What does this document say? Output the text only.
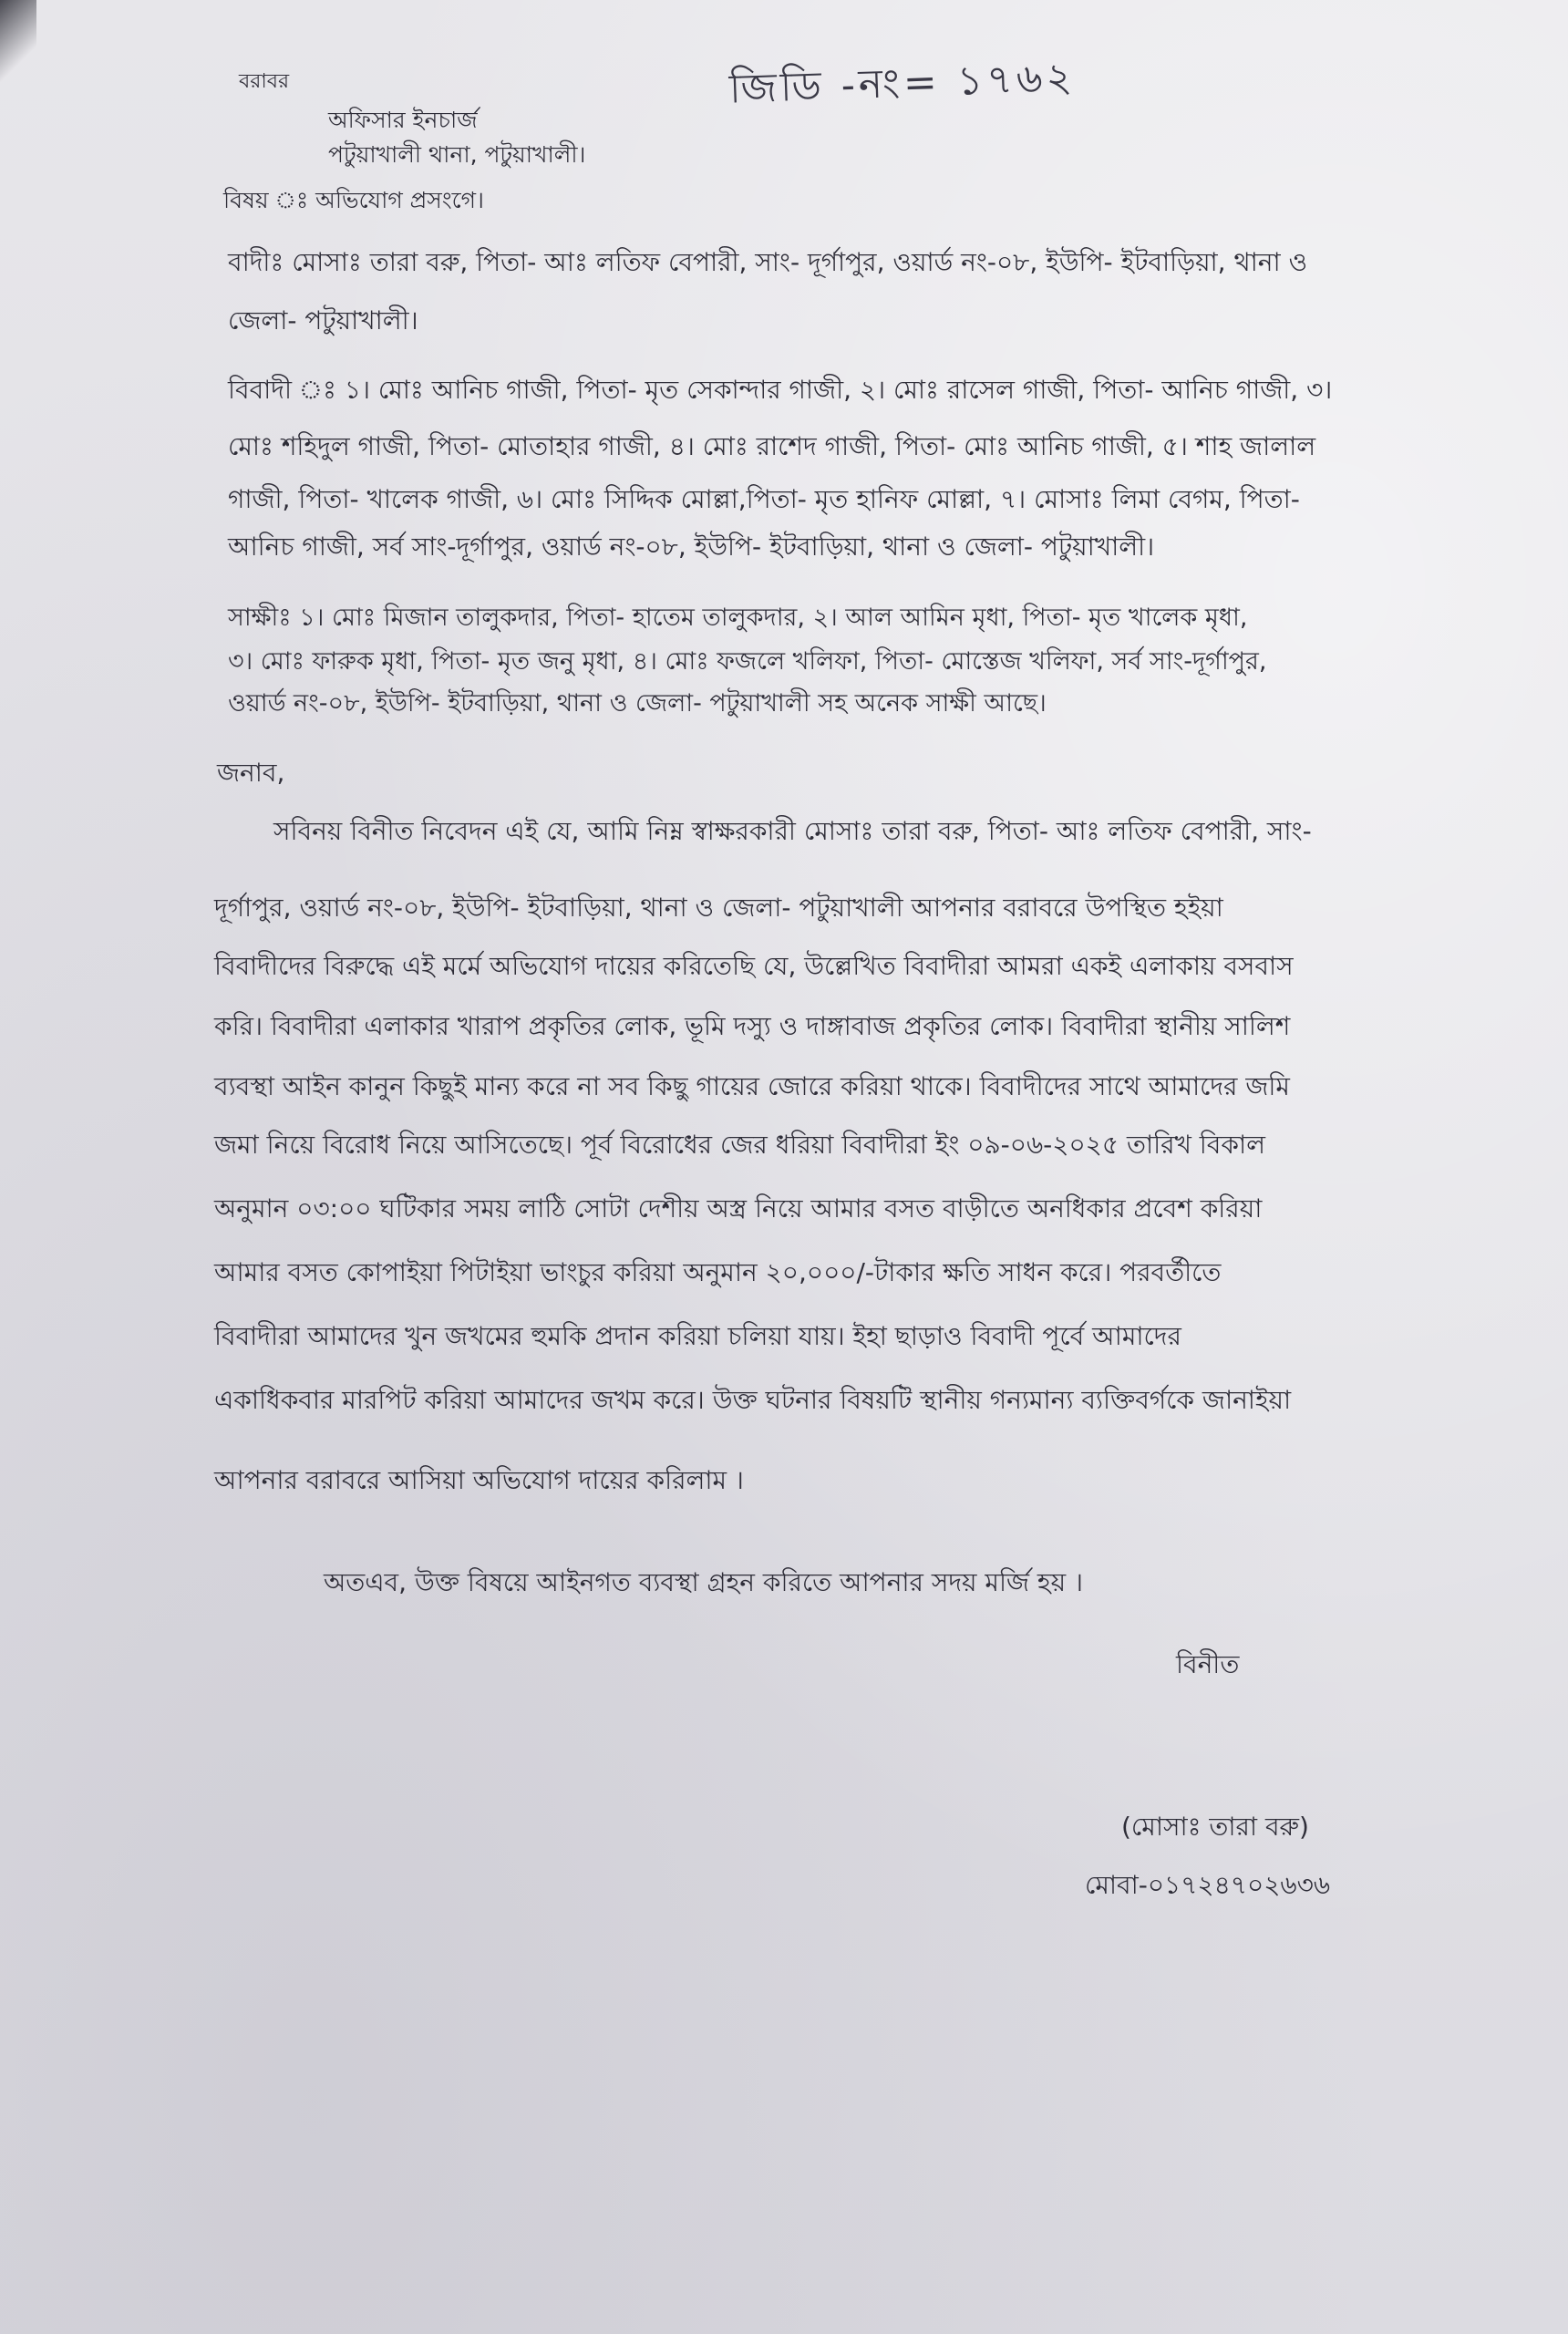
জিডি -নং= ১৭৬২
বরাবর
অফিসার ইনচার্জ
পটুয়াখালী থানা, পটুয়াখালী।
বিষয় ঃ অভিযোগ প্রসংগে।
বাদীঃ মোসাঃ তারা বরু, পিতা- আঃ লতিফ বেপারী, সাং- দূর্গাপুর, ওয়ার্ড নং-০৮, ইউপি- ইটবাড়িয়া, থানা ও
জেলা- পটুয়াখালী।
বিবাদী ঃ ১। মোঃ আনিচ গাজী, পিতা- মৃত সেকান্দার গাজী, ২। মোঃ রাসেল গাজী, পিতা- আনিচ গাজী, ৩।
মোঃ শহিদুল গাজী, পিতা- মোতাহার গাজী, ৪। মোঃ রাশেদ গাজী, পিতা- মোঃ আনিচ গাজী, ৫। শাহ জালাল
গাজী, পিতা- খালেক গাজী, ৬। মোঃ সিদ্দিক মোল্লা,পিতা- মৃত হানিফ মোল্লা, ৭। মোসাঃ লিমা বেগম, পিতা-
আনিচ গাজী, সর্ব সাং-দূর্গাপুর, ওয়ার্ড নং-০৮, ইউপি- ইটবাড়িয়া, থানা ও জেলা- পটুয়াখালী।
সাক্ষীঃ ১। মোঃ মিজান তালুকদার, পিতা- হাতেম তালুকদার, ২। আল আমিন মৃধা, পিতা- মৃত খালেক মৃধা,
৩। মোঃ ফারুক মৃধা, পিতা- মৃত জনু মৃধা, ৪। মোঃ ফজলে খলিফা, পিতা- মোস্তেজ খলিফা, সর্ব সাং-দূর্গাপুর,
ওয়ার্ড নং-০৮, ইউপি- ইটবাড়িয়া, থানা ও জেলা- পটুয়াখালী সহ অনেক সাক্ষী আছে।
জনাব,
সবিনয় বিনীত নিবেদন এই যে, আমি নিম্ন স্বাক্ষরকারী মোসাঃ তারা বরু, পিতা- আঃ লতিফ বেপারী, সাং-
দূর্গাপুর, ওয়ার্ড নং-০৮, ইউপি- ইটবাড়িয়া, থানা ও জেলা- পটুয়াখালী আপনার বরাবরে উপস্থিত হইয়া
বিবাদীদের বিরুদ্ধে এই মর্মে অভিযোগ দায়ের করিতেছি যে, উল্লেখিত বিবাদীরা আমরা একই এলাকায় বসবাস
করি। বিবাদীরা এলাকার খারাপ প্রকৃতির লোক, ভূমি দস্যু ও দাঙ্গাবাজ প্রকৃতির লোক। বিবাদীরা স্থানীয় সালিশ
ব্যবস্থা আইন কানুন কিছুই মান্য করে না সব কিছু গায়ের জোরে করিয়া থাকে। বিবাদীদের সাথে আমাদের জমি
জমা নিয়ে বিরোধ নিয়ে আসিতেছে। পূর্ব বিরোধের জের ধরিয়া বিবাদীরা ইং ০৯-০৬-২০২৫ তারিখ বিকাল
অনুমান ০৩:০০ ঘটিকার সময় লাঠি সোটা দেশীয় অস্ত্র নিয়ে আমার বসত বাড়ীতে অনধিকার প্রবেশ করিয়া
আমার বসত কোপাইয়া পিটাইয়া ভাংচুর করিয়া অনুমান ২০,০০০/-টাকার ক্ষতি সাধন করে। পরবর্তীতে
বিবাদীরা আমাদের খুন জখমের হুমকি প্রদান করিয়া চলিয়া যায়। ইহা ছাড়াও বিবাদী পূর্বে আমাদের
একাধিকবার মারপিট করিয়া আমাদের জখম করে। উক্ত ঘটনার বিষয়টি স্থানীয় গন্যমান্য ব্যক্তিবর্গকে জানাইয়া
আপনার বরাবরে আসিয়া অভিযোগ দায়ের করিলাম ।
অতএব, উক্ত বিষয়ে আইনগত ব্যবস্থা গ্রহন করিতে আপনার সদয় মর্জি হয় ।
বিনীত
(মোসাঃ তারা বরু)
মোবা-০১৭২৪৭০২৬৩৬
